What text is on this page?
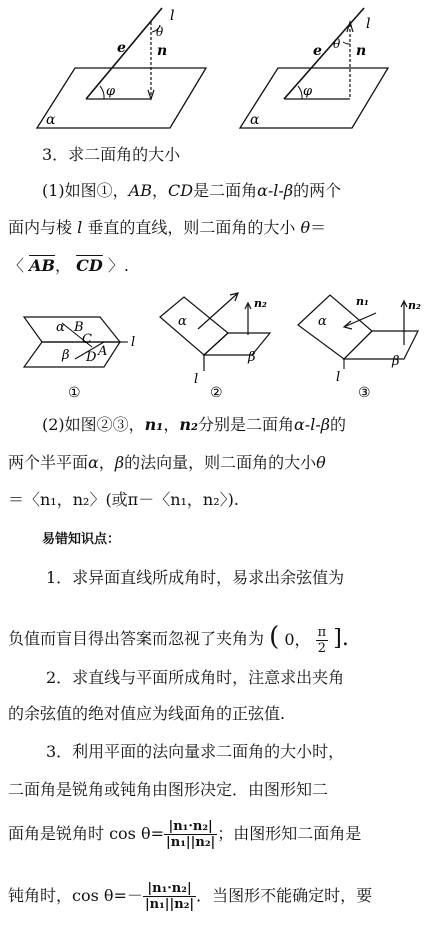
l
θ
e n
φ
α
l
θ
e n
φ
α
3．求二面角的大小
(1)如图①，AB，CD是二面角α-l-β的两个
面内与棱 l 垂直的直线，则二面角的大小 θ＝
〈 $\overline{AB}$， $\overline{CD}$ 〉.
α B
C
β D A
l
①
α
n₂
β
l
②
α
n₁	n₂
β
l
③
(2)如图②③，n₁，n₂分别是二面角α-l-β的
两个半平面α，β的法向量，则二面角的大小θ
＝〈n₁，n₂〉(或π－〈n₁，n₂〉).
易错知识点：
1．求异面直线所成角时，易求出余弦值为
负值而盲目得出答案而忽视了夹角为 ( 0， $\frac{\pi}{2}$ ].
2．求直线与平面所成角时，注意求出夹角
的余弦值的绝对值应为线面角的正弦值.
3．利用平面的法向量求二面角的大小时，
二面角是锐角或钝角由图形决定．由图形知二
面角是锐角时 $\cos \theta= \frac{\text{|n₁·n₂|}}{\text{|n₁||n₂|}}$ ；由图形知二面角是
钝角时，$\cos \theta=- \frac{\text{|n₁·n₂|}}{\text{|n₁||n₂|}}$ ．当图形不能确定时，要
